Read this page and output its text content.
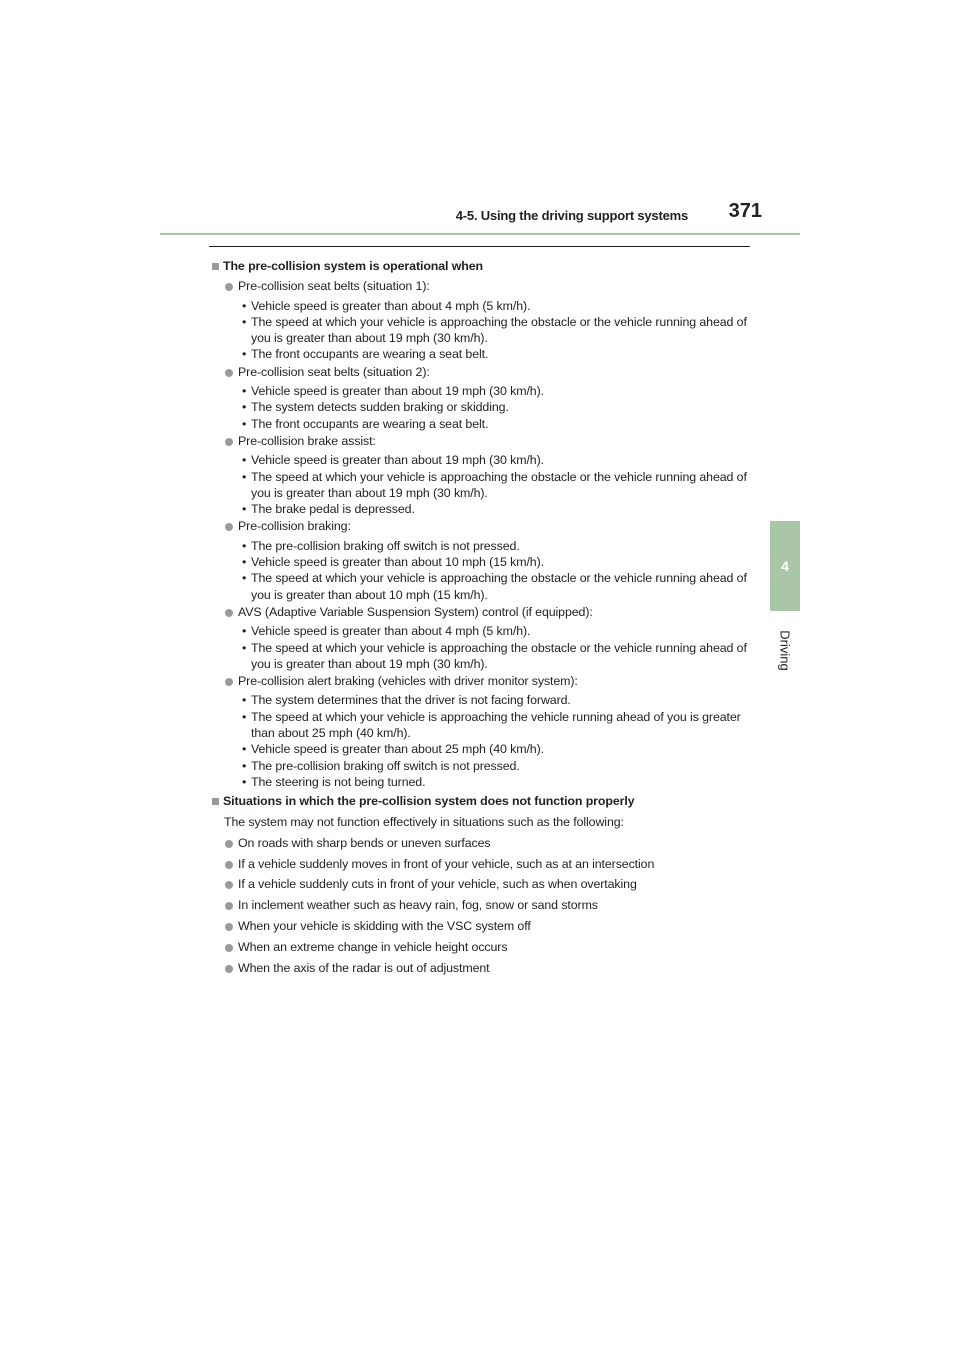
4-5. Using the driving support systems	371
4
Driving
The pre-collision system is operational when
Pre-collision seat belts (situation 1):
• Vehicle speed is greater than about 4 mph (5 km/h).
• The speed at which your vehicle is approaching the obstacle or the vehicle running ahead of you is greater than about 19 mph (30 km/h).
• The front occupants are wearing a seat belt.
Pre-collision seat belts (situation 2):
• Vehicle speed is greater than about 19 mph (30 km/h).
• The system detects sudden braking or skidding.
• The front occupants are wearing a seat belt.
Pre-collision brake assist:
• Vehicle speed is greater than about 19 mph (30 km/h).
• The speed at which your vehicle is approaching the obstacle or the vehicle running ahead of you is greater than about 19 mph (30 km/h).
• The brake pedal is depressed.
Pre-collision braking:
• The pre-collision braking off switch is not pressed.
• Vehicle speed is greater than about 10 mph (15 km/h).
• The speed at which your vehicle is approaching the obstacle or the vehicle running ahead of you is greater than about 10 mph (15 km/h).
AVS (Adaptive Variable Suspension System) control (if equipped):
• Vehicle speed is greater than about 4 mph (5 km/h).
• The speed at which your vehicle is approaching the obstacle or the vehicle running ahead of you is greater than about 19 mph (30 km/h).
Pre-collision alert braking (vehicles with driver monitor system):
• The system determines that the driver is not facing forward.
• The speed at which your vehicle is approaching the vehicle running ahead of you is greater than about 25 mph (40 km/h).
• Vehicle speed is greater than about 25 mph (40 km/h).
• The pre-collision braking off switch is not pressed.
• The steering is not being turned.
Situations in which the pre-collision system does not function properly
The system may not function effectively in situations such as the following:
On roads with sharp bends or uneven surfaces
If a vehicle suddenly moves in front of your vehicle, such as at an intersection
If a vehicle suddenly cuts in front of your vehicle, such as when overtaking
In inclement weather such as heavy rain, fog, snow or sand storms
When your vehicle is skidding with the VSC system off
When an extreme change in vehicle height occurs
When the axis of the radar is out of adjustment
